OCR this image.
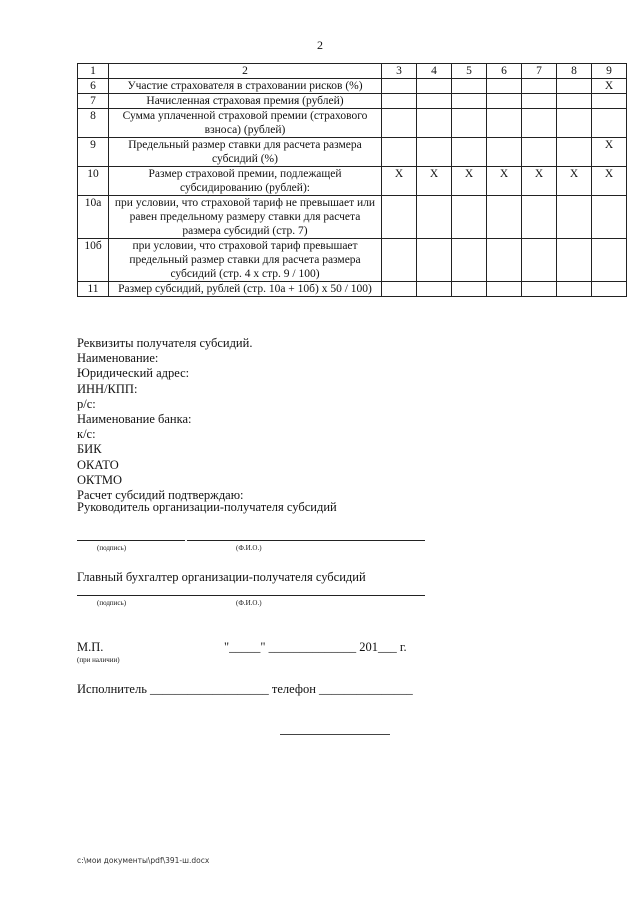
2
1	2	3	4	5	6	7	8	9
6	Участие страхователя в страховании рисков (%)							X
7	Начисленная страховая премия (рублей)							
8	Сумма уплаченной страховой премии (страхового взноса) (рублей)							
9	Предельный размер ставки для расчета размера субсидий (%)							X
10	Размер страховой премии, подлежащей субсидированию (рублей):	X	X	X	X	X	X	X
10а	при условии, что страховой тариф не превышает или равен предельному размеру ставки для расчета размера субсидий (стр. 7)							
10б	при условии, что страховой тариф превышает предельный размер ставки для расчета размера субсидий (стр. 4 x стр. 9 / 100)							
11	Размер субсидий, рублей (стр. 10а + 10б) x 50 / 100)							
Реквизиты получателя субсидий.
Наименование:
Юридический адрес:
ИНН/КПП:
р/с:
Наименование банка:
к/с:
БИК
ОКАТО
ОКТМО
Расчет субсидий подтверждаю:
Руководитель организации-получателя субсидий
(подпись)	(Ф.И.О.)
Главный бухгалтер организации-получателя субсидий
(подпись)	(Ф.И.О.)
М.П.
(при наличии)
"_____" ______________ 201___ г.
Исполнитель ___________________ телефон _______________
c:\мои документы\pdf\391-ш.docx
